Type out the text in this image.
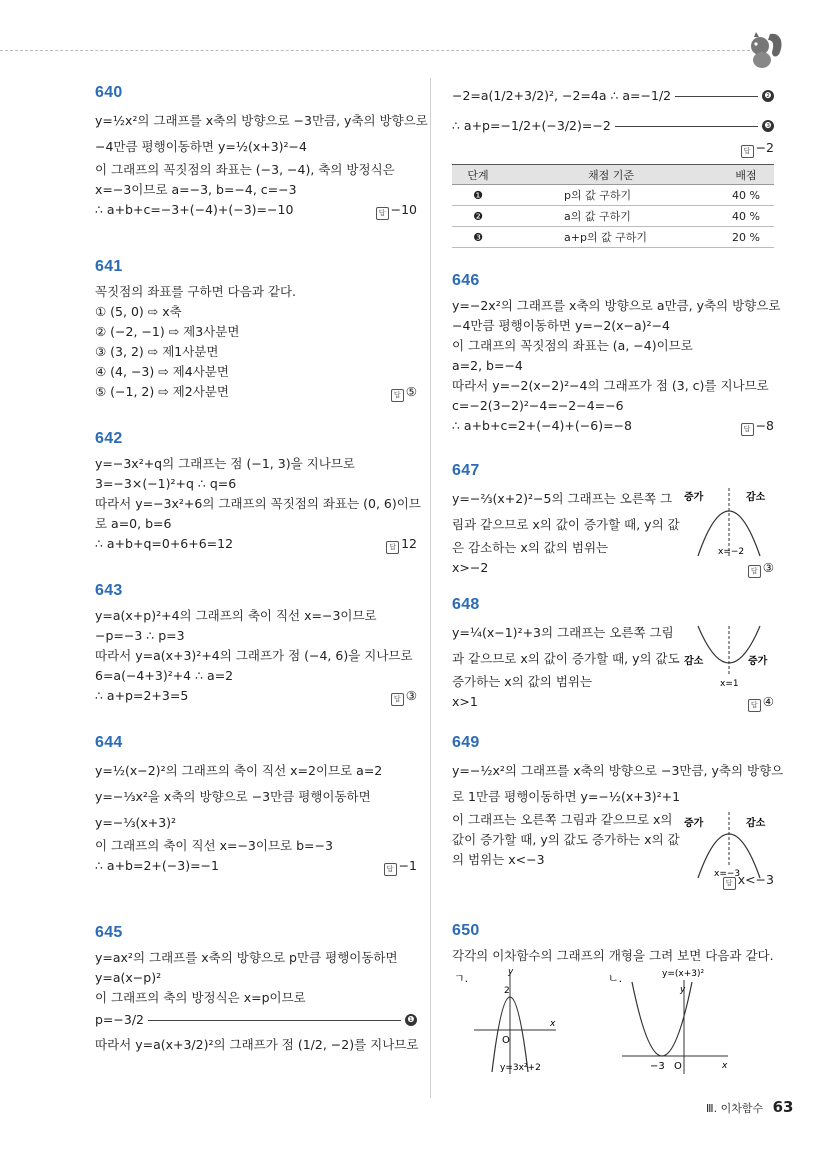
640
y=½x²의 그래프를 x축의 방향으로 −3만큼, y축의 방향으로
−4만큼 평행이동하면 y=½(x+3)²−4
이 그래프의 꼭짓점의 좌표는 (−3, −4), 축의 방정식은
x=−3이므로 a=−3, b=−4, c=−3
∴ a+b+c=−3+(−4)+(−3)=−10	답 −10
641
꼭짓점의 좌표를 구하면 다음과 같다.
① (5, 0) ⇨ x축
② (−2, −1) ⇨ 제3사분면
③ (3, 2) ⇨ 제1사분면
④ (4, −3) ⇨ 제4사분면
⑤ (−1, 2) ⇨ 제2사분면	답 ⑤
642
y=−3x²+q의 그래프는 점 (−1, 3)을 지나므로
3=−3×(−1)²+q ∴ q=6
따라서 y=−3x²+6의 그래프의 꼭짓점의 좌표는 (0, 6)이므
로 a=0, b=6
∴ a+b+q=0+6+6=12	답 12
643
y=a(x+p)²+4의 그래프의 축이 직선 x=−3이므로
−p=−3 ∴ p=3
따라서 y=a(x+3)²+4의 그래프가 점 (−4, 6)을 지나므로
6=a(−4+3)²+4 ∴ a=2
∴ a+p=2+3=5	답 ③
644
y=½(x−2)²의 그래프의 축이 직선 x=2이므로 a=2
y=−⅓x²을 x축의 방향으로 −3만큼 평행이동하면
y=−⅓(x+3)²
이 그래프의 축이 직선 x=−3이므로 b=−3
∴ a+b=2+(−3)=−1	답 −1
645
y=ax²의 그래프를 x축의 방향으로 p만큼 평행이동하면
y=a(x−p)²
이 그래프의 축의 방정식은 x=p이므로
p=−3/2	❶
따라서 y=a(x+3/2)²의 그래프가 점 (1/2, −2)를 지나므로
−2=a(1/2+3/2)², −2=4a ∴ a=−1/2	❷
∴ a+p=−1/2+(−3/2)=−2	❸
답 −2
단계	채점 기준	배점
❶	p의 값 구하기	40 %
❷	a의 값 구하기	40 %
❸	a+p의 값 구하기	20 %
646
y=−2x²의 그래프를 x축의 방향으로 a만큼, y축의 방향으로
−4만큼 평행이동하면 y=−2(x−a)²−4
이 그래프의 꼭짓점의 좌표는 (a, −4)이므로
a=2, b=−4
따라서 y=−2(x−2)²−4의 그래프가 점 (3, c)를 지나므로
c=−2(3−2)²−4=−2−4=−6
∴ a+b+c=2+(−4)+(−6)=−8	답 −8
647
y=−⅔(x+2)²−5의 그래프는 오른쪽 그
림과 같으므로 x의 값이 증가할 때, y의 값
은 감소하는 x의 값의 범위는
x>−2	답 ③
증가	감소
x=−2
648
y=¼(x−1)²+3의 그래프는 오른쪽 그림
과 같으므로 x의 값이 증가할 때, y의 값도
증가하는 x의 값의 범위는
x>1	답 ④
감소	증가
x=1
649
y=−½x²의 그래프를 x축의 방향으로 −3만큼, y축의 방향으
로 1만큼 평행이동하면 y=−½(x+3)²+1
이 그래프는 오른쪽 그림과 같으므로 x의
값이 증가할 때, y의 값도 증가하는 x의 값
의 범위는 x<−3
답 x<−3
증가	감소
x=−3
650
각각의 이차함수의 그래프의 개형을 그려 보면 다음과 같다.
ㄱ.	y
x
O
2
y=3x²+2
ㄴ.	y=(x+3)²
y
x
O
−3
Ⅲ. 이차함수 63
